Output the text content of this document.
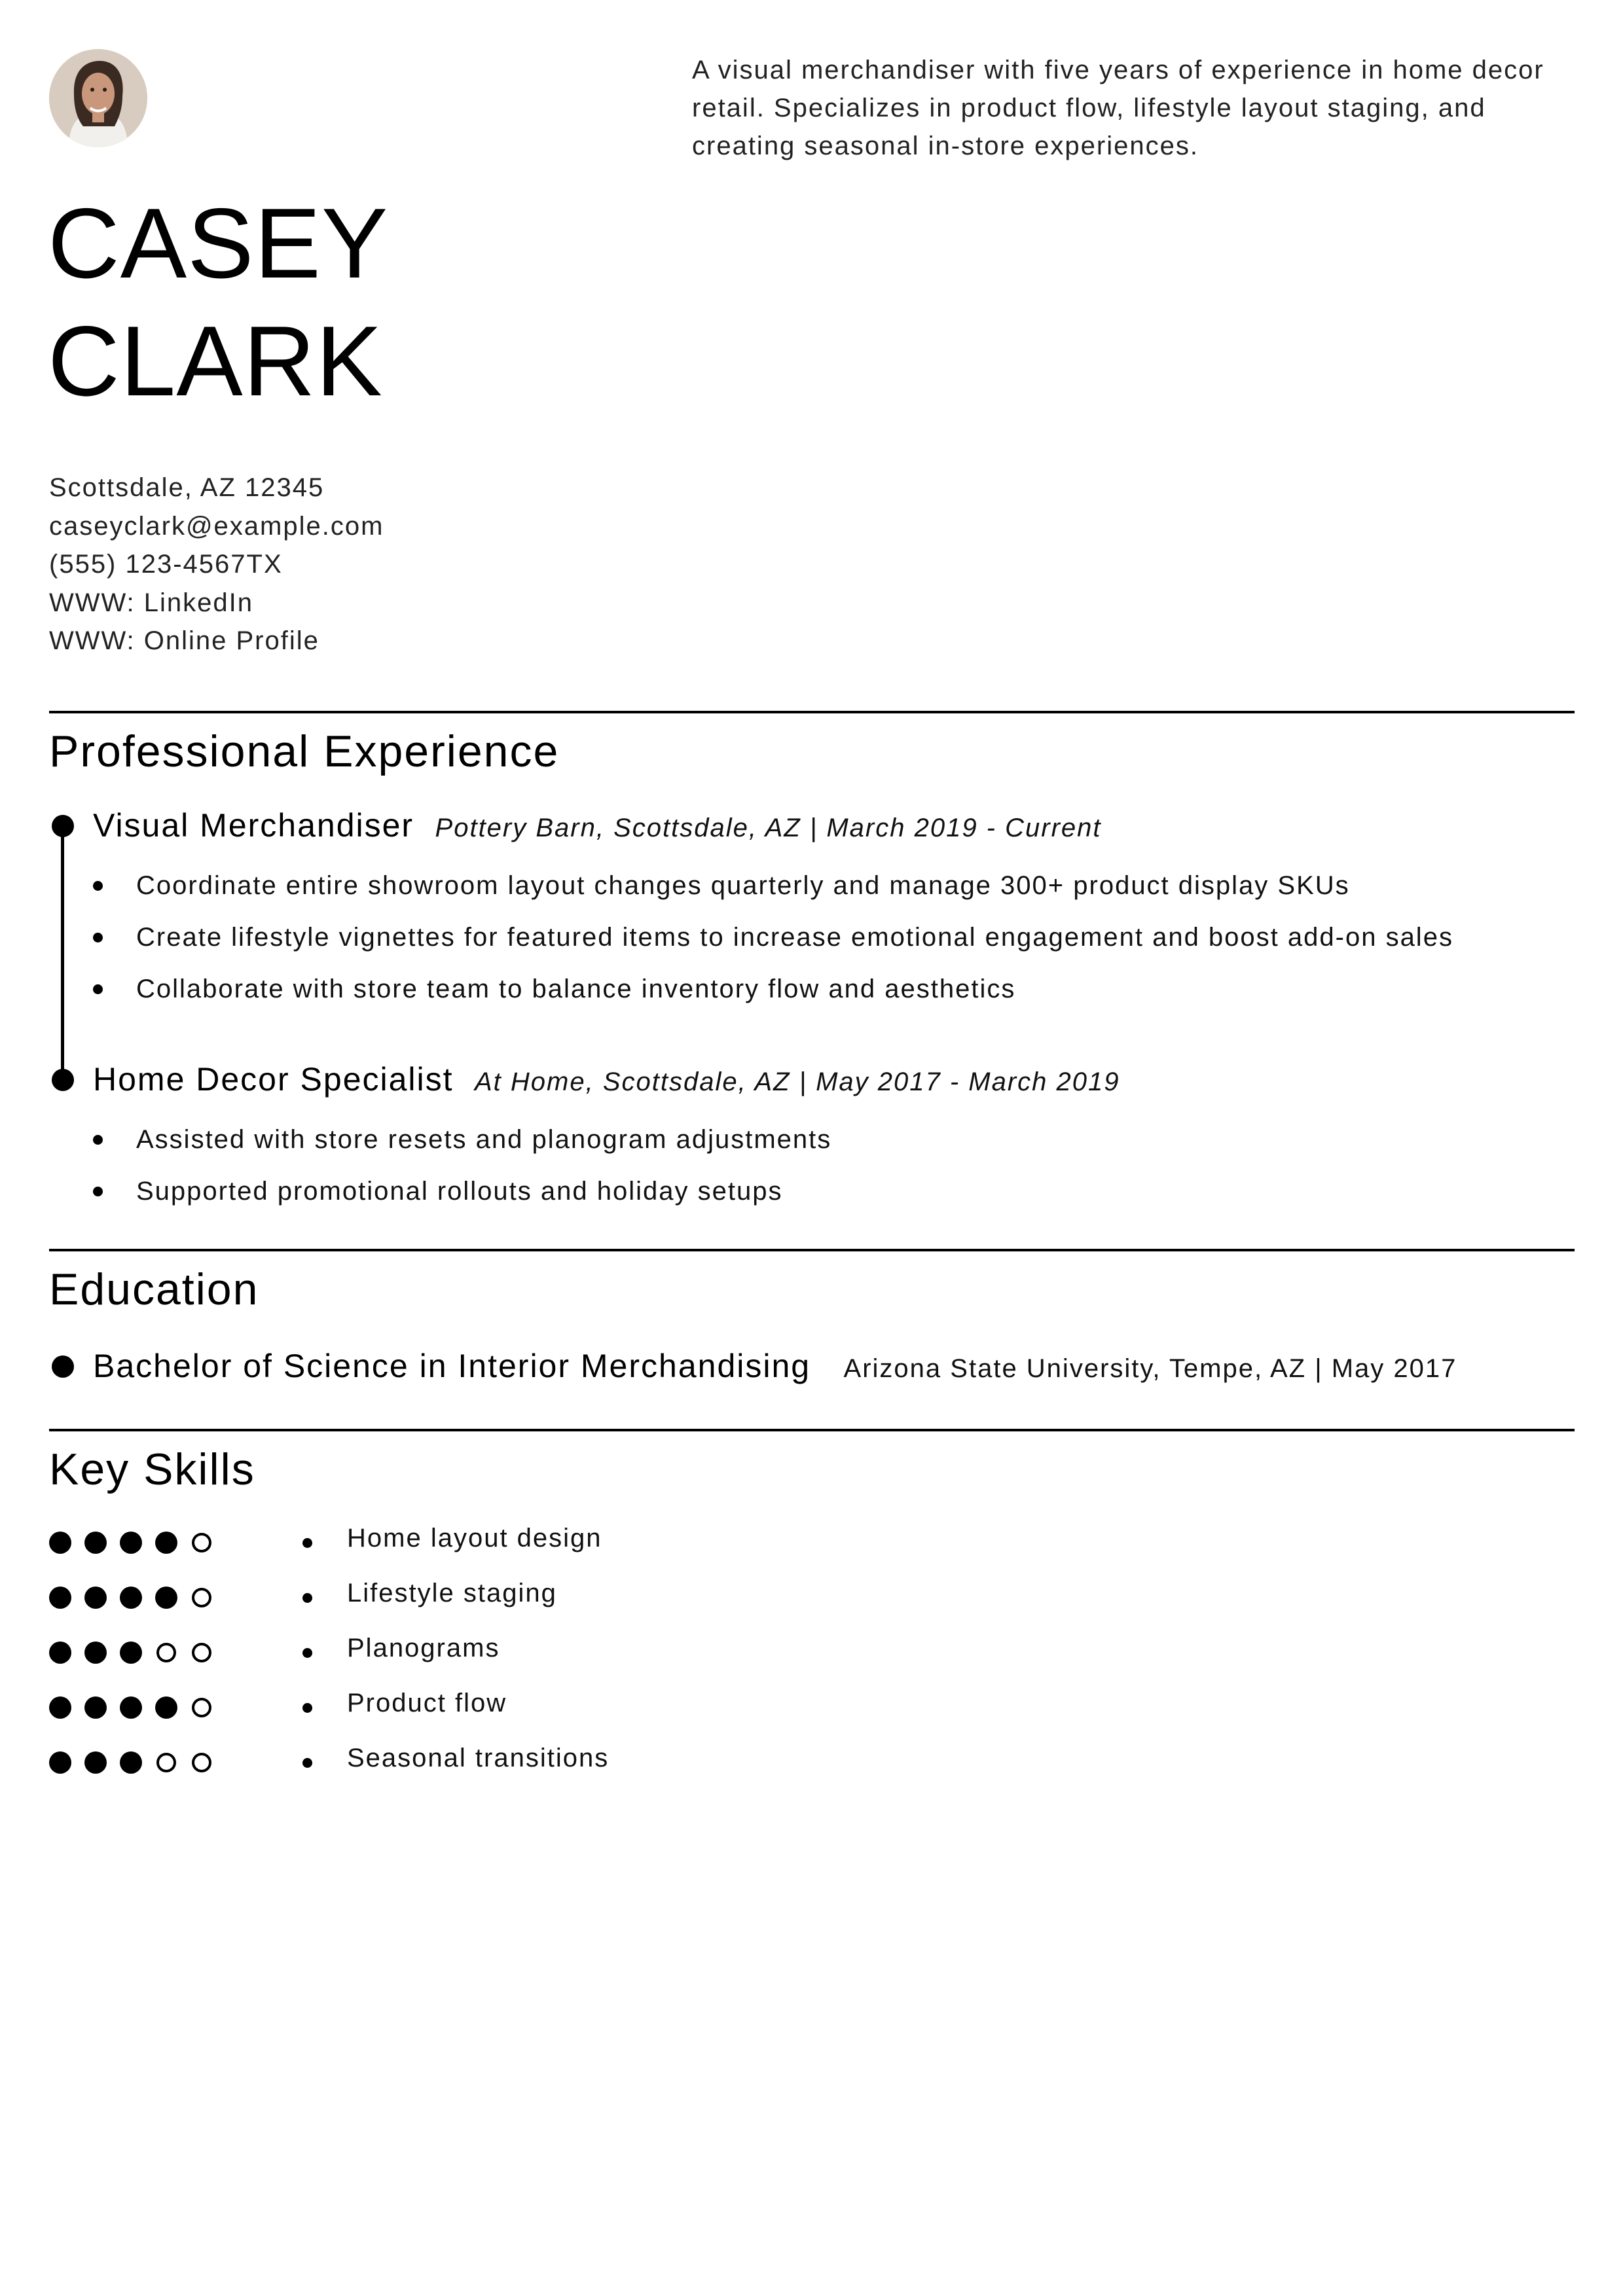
A visual merchandiser with five years of experience in home decor retail. Specializes in product flow, lifestyle layout staging, and creating seasonal in-store experiences.
CASEY
CLARK
Scottsdale, AZ 12345
caseyclark@example.com
(555) 123-4567TX
WWW: LinkedIn
WWW: Online Profile
Professional Experience
Visual Merchandiser Pottery Barn, Scottsdale, AZ | March 2019 - Current
Coordinate entire showroom layout changes quarterly and manage 300+ product display SKUs
Create lifestyle vignettes for featured items to increase emotional engagement and boost add-on sales
Collaborate with store team to balance inventory flow and aesthetics
Home Decor Specialist At Home, Scottsdale, AZ | May 2017 - March 2019
Assisted with store resets and planogram adjustments
Supported promotional rollouts and holiday setups
Education
Bachelor of Science in Interior Merchandising Arizona State University, Tempe, AZ | May 2017
Key Skills
Home layout design
Lifestyle staging
Planograms
Product flow
Seasonal transitions
